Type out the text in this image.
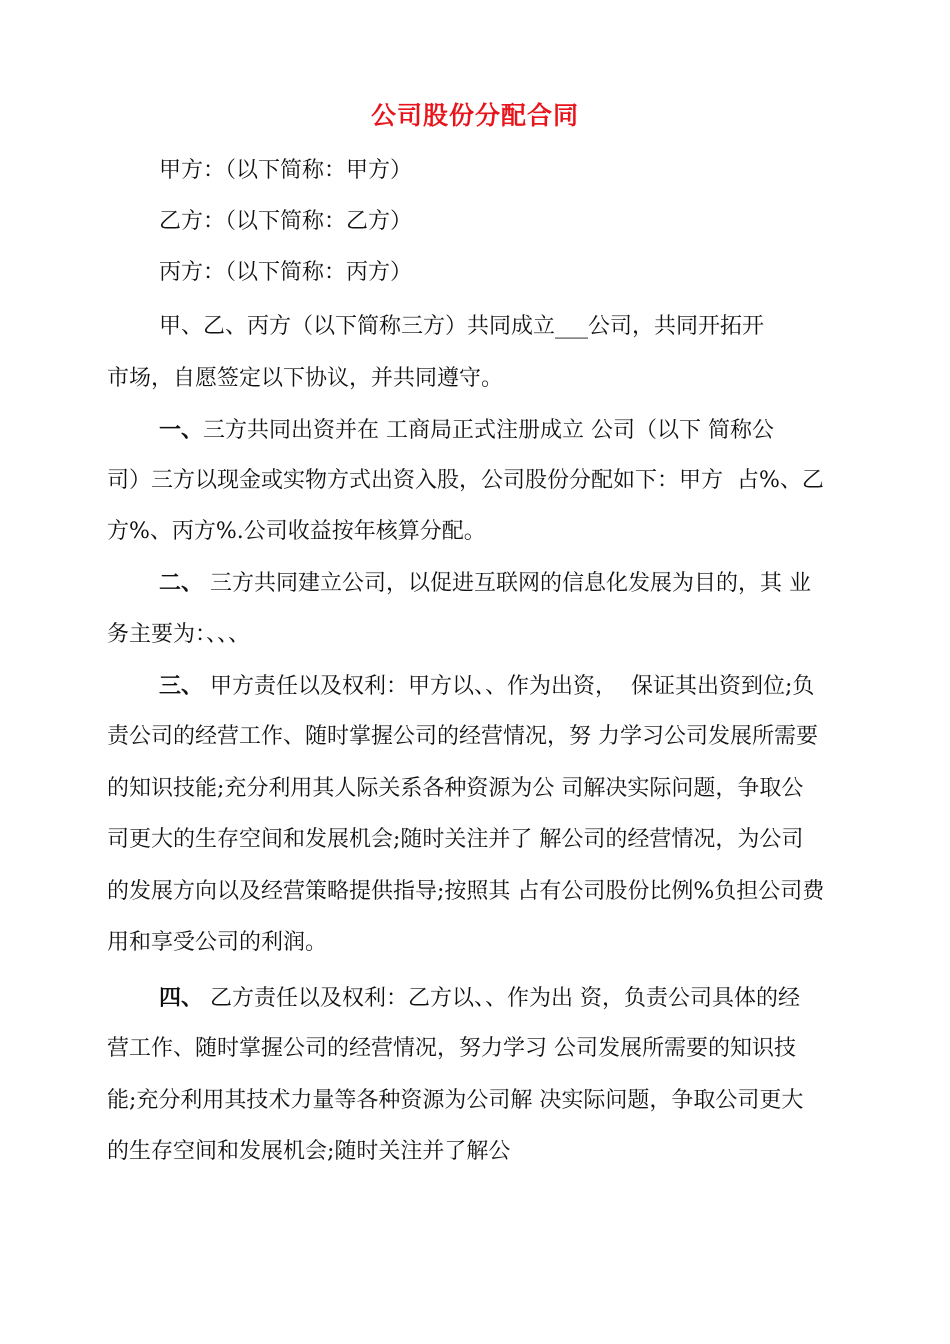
公司股份分配合同
甲方：（以下简称：甲方）
乙方：（以下简称：乙方）
丙方：（以下简称：丙方）
甲、乙、丙方（以下简称三方）共同成立___公司，共同开拓开
市场，自愿签定以下协议，并共同遵守。
一、三方共同出资并在 工商局正式注册成立 公司（以下 简称公
司）三方以现金或实物方式出资入股，公司股份分配如下：甲方  占%、乙
方%、丙方%.公司收益按年核算分配。
二、 三方共同建立公司，以促进互联网的信息化发展为目的，其 业
务主要为：、、、
三、 甲方责任以及权利：甲方以、、作为出资，  保证其出资到位;负
责公司的经营工作、随时掌握公司的经营情况，努 力学习公司发展所需要
的知识技能;充分利用其人际关系各种资源为公 司解决实际问题，争取公
司更大的生存空间和发展机会;随时关注并了 解公司的经营情况，为公司
的发展方向以及经营策略提供指导;按照其 占有公司股份比例%负担公司费
用和享受公司的利润。
四、 乙方责任以及权利：乙方以、、作为出 资，负责公司具体的经
营工作、随时掌握公司的经营情况，努力学习 公司发展所需要的知识技
能;充分利用其技术力量等各种资源为公司解 决实际问题，争取公司更大
的生存空间和发展机会;随时关注并了解公
